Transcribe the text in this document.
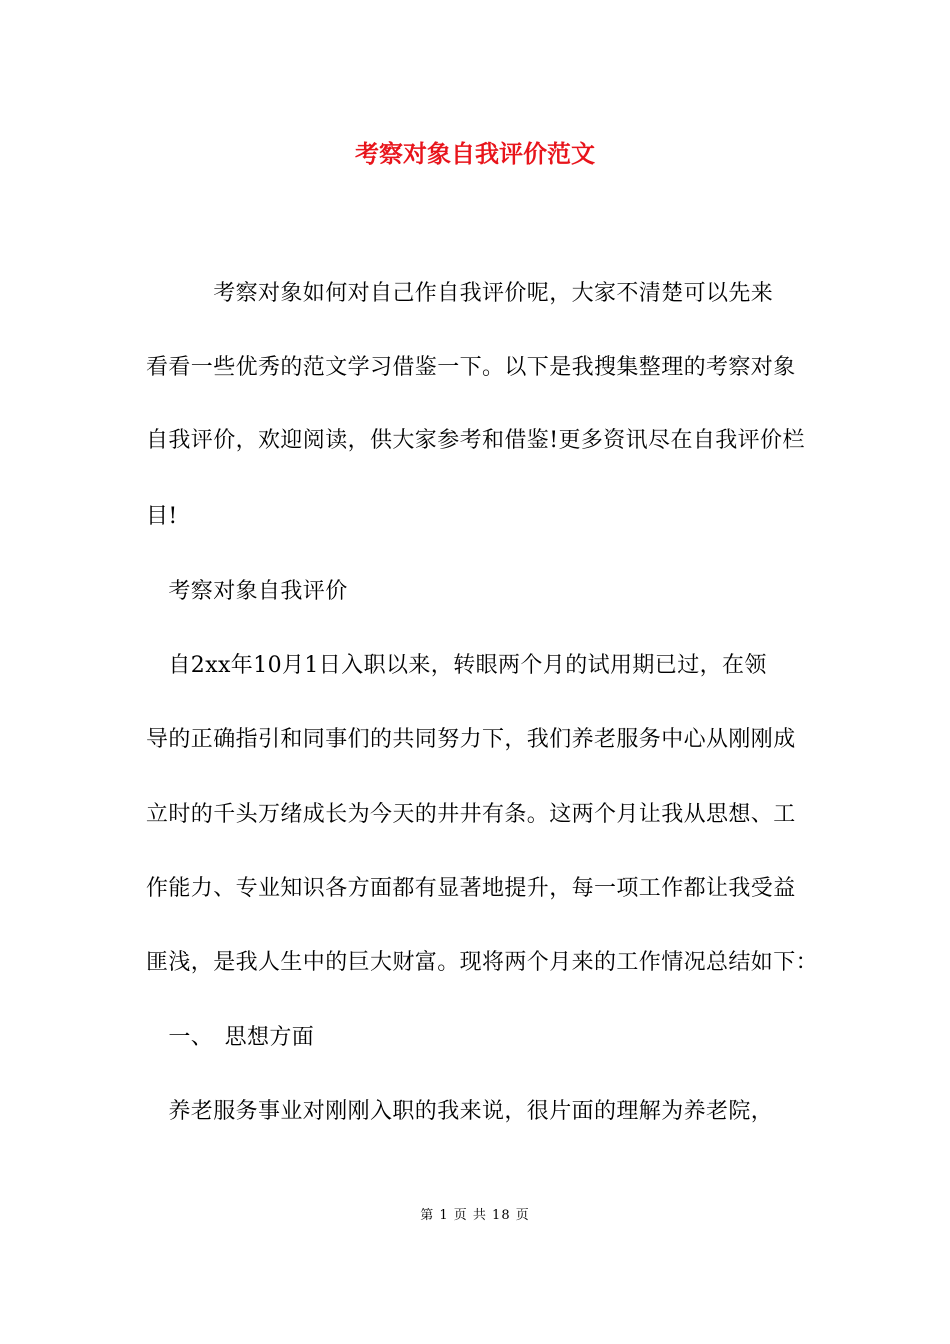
考察对象自我评价范文
　　　考察对象如何对自己作自我评价呢，大家不清楚可以先来
看看一些优秀的范文学习借鉴一下。以下是我搜集整理的考察对象
自我评价，欢迎阅读，供大家参考和借鉴!更多资讯尽在自我评价栏
目!
　考察对象自我评价
　自2xx年10月1日入职以来，转眼两个月的试用期已过，在领
导的正确指引和同事们的共同努力下，我们养老服务中心从刚刚成
立时的千头万绪成长为今天的井井有条。这两个月让我从思想、工
作能力、专业知识各方面都有显著地提升，每一项工作都让我受益
匪浅，是我人生中的巨大财富。现将两个月来的工作情况总结如下：
　一、　思想方面
　养老服务事业对刚刚入职的我来说，很片面的理解为养老院，
第 1 页 共 18 页
